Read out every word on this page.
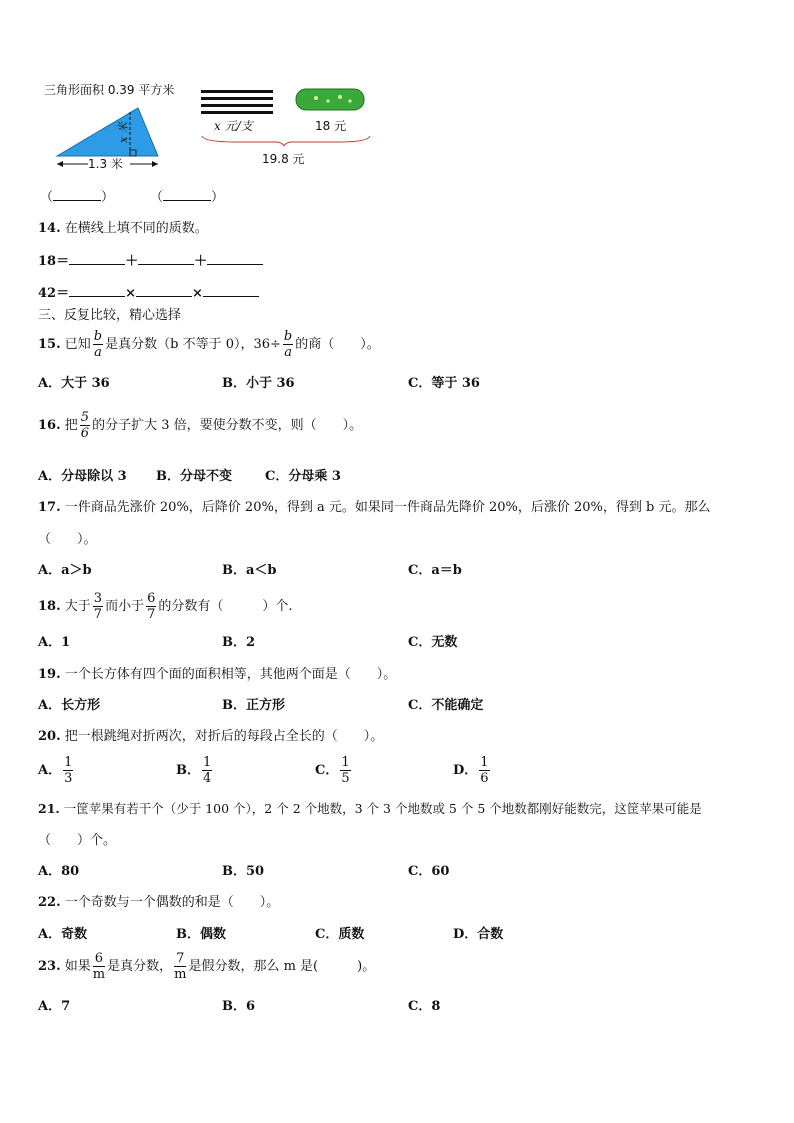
三角形面积 0.39 平方米
1.3 米
x 米	x 元/支	18 元
19.8 元
（	）	（	）
14. 在横线上填不同的质数。
18＝	＋	＋
42＝	×	×
三、反复比较，精心选择
15. 已知 $\frac{b}{a}$ 是真分数（b 不等于 0），$36\div \frac{b}{a}$ 的商（　　）。
A．大于 36	B．小于 36	C．等于 36
16. 把 $\frac{5}{6}$ 的分子扩大 3 倍，要使分数不变，则（　　）。
A．分母除以 3 B．分母不变	C．分母乘 3
17. 一件商品先涨价 20%，后降价 20%，得到 a 元。如果同一件商品先降价 20%，后涨价 20%，得到 b 元。那么
（　　）。
A．a＞b	B．a＜b	C．a＝b
18. 大于 $\frac{3}{7}$ 而小于 $\frac{6}{7}$ 的分数有（　　　）个.
A．1	B．2	C．无数
19. 一个长方体有四个面的面积相等，其他两个面是（　　）。
A．长方形	B．正方形	C．不能确定
20. 把一根跳绳对折两次，对折后的每段占全长的（　　）。
A． $\frac{1}{3}$	B． $\frac{1}{4}$	C． $\frac{1}{5}$	D． $\frac{1}{6}$
21. 一筐苹果有若干个（少于 100 个），2 个 2 个地数，3 个 3 个地数或 5 个 5 个地数都刚好能数完，这筐苹果可能是
（　　）个。
A．80	B．50	C．60
22. 一个奇数与一个偶数的和是（　　）。
A．奇数	B．偶数	C．质数	D．合数
23. 如果 $\frac{6}{m}$ 是真分数， $\frac{7}{m}$ 是假分数，那么 m 是(　　　)。
A．7	B．6	C．8
